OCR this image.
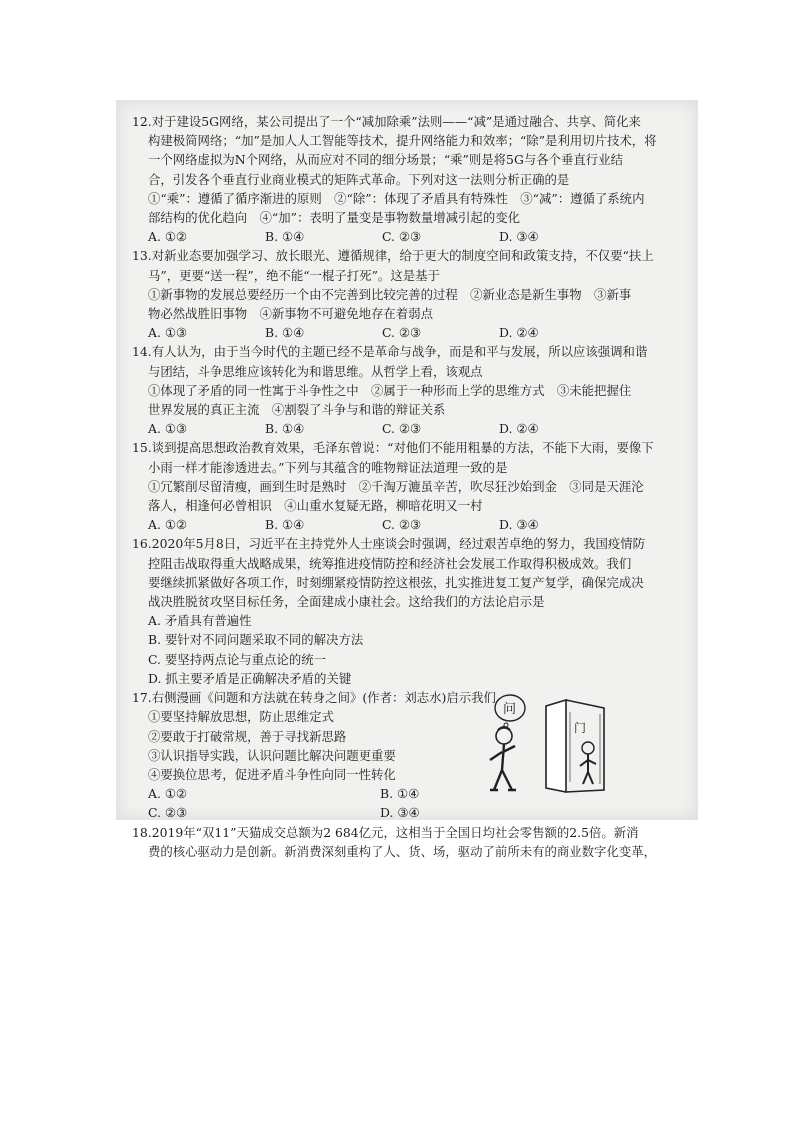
12.对于建设5G网络，某公司提出了一个“减加除乘”法则——“减”是通过融合、共享、简化来
构建极简网络；“加”是加人人工智能等技术，提升网络能力和效率；“除”是利用切片技术，将
一个网络虚拟为N个网络，从而应对不同的细分场景；“乘”则是将5G与各个垂直行业结
合，引发各个垂直行业商业模式的矩阵式革命。下列对这一法则分析正确的是
①“乘”：遵循了循序渐进的原则　②“除”：体现了矛盾具有特殊性　③“减”：遵循了系统内
部结构的优化趋向　④“加”：表明了量变是事物数量增减引起的变化
A. ①②	B. ①④	C. ②③	D. ③④
13.对新业态要加强学习、放长眼光、遵循规律，给于更大的制度空间和政策支持，不仅要“扶上
马”，更要“送一程”，绝不能“一棍子打死”。这是基于
①新事物的发展总要经历一个由不完善到比较完善的过程　②新业态是新生事物　③新事
物必然战胜旧事物　④新事物不可避免地存在着弱点
A. ①③	B. ①④	C. ②③	D. ②④
14.有人认为，由于当今时代的主题已经不是革命与战争，而是和平与发展，所以应该强调和谐
与团结，斗争思维应该转化为和谐思维。从哲学上看，该观点
①体现了矛盾的同一性寓于斗争性之中　②属于一种形而上学的思维方式　③未能把握住
世界发展的真正主流　④割裂了斗争与和谐的辩证关系
A. ①③	B. ①④	C. ②③	D. ②④
15.谈到提高思想政治教育效果，毛泽东曾说：“对他们不能用粗暴的方法，不能下大雨，要像下
小雨一样才能渗透进去。”下列与其蕴含的唯物辩证法道理一致的是
①冗繁削尽留清瘦，画到生时是熟时　②千淘万漉虽辛苦，吹尽狂沙始到金　③同是天涯沦
落人，相逢何必曾相识　④山重水复疑无路，柳暗花明又一村
A. ①②	B. ①④	C. ②③	D. ③④
16.2020年5月8日，习近平在主持党外人士座谈会时强调，经过艰苦卓绝的努力，我国疫情防
控阻击战取得重大战略成果，统筹推进疫情防控和经济社会发展工作取得积极成效。我们
要继续抓紧做好各项工作，时刻绷紧疫情防控这根弦，扎实推进复工复产复学，确保完成决
战决胜脱贫攻坚目标任务，全面建成小康社会。这给我们的方法论启示是
A. 矛盾具有普遍性
B. 要针对不同问题采取不同的解决方法
C. 要坚持两点论与重点论的统一
D. 抓主要矛盾是正确解决矛盾的关键
17.右侧漫画《问题和方法就在转身之间》(作者：刘志水)启示我们
①要坚持解放思想，防止思维定式
②要敢于打破常规，善于寻找新思路
③认识指导实践，认识问题比解决问题更重要
④要换位思考，促进矛盾斗争性向同一性转化
A. ①②	B. ①④
C. ②③	D. ③④
问
门
18.2019年“双11”天猫成交总额为2 684亿元，这相当于全国日均社会零售额的2.5倍。新消
费的核心驱动力是创新。新消费深刻重构了人、货、场，驱动了前所未有的商业数字化变革，
